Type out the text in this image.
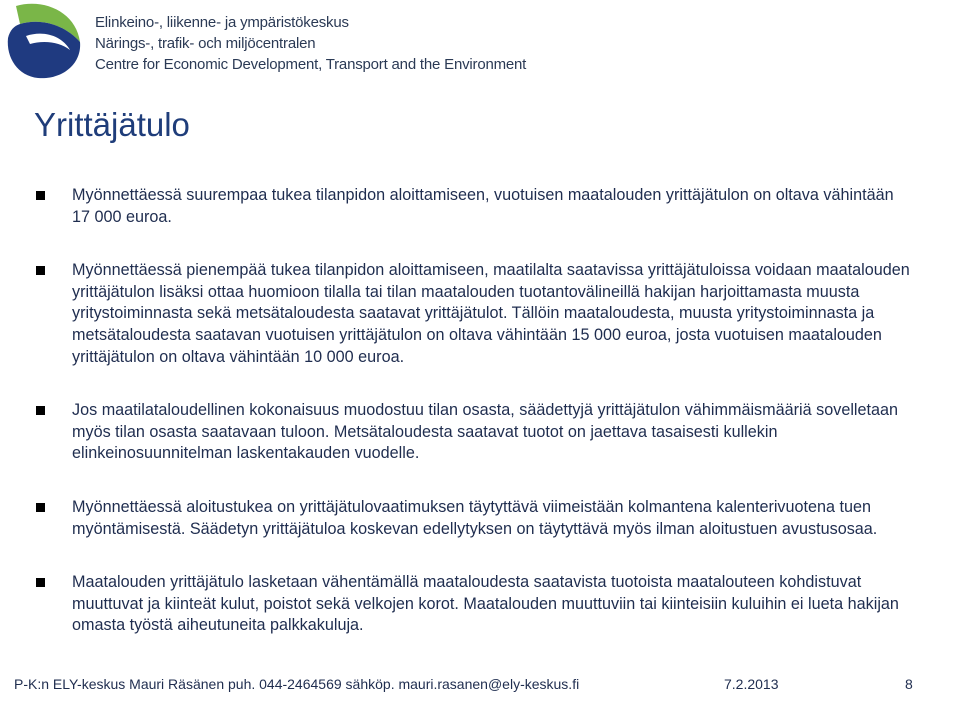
Elinkeino-, liikenne- ja ympäristökeskus
Närings-, trafik- och miljöcentralen
Centre for Economic Development, Transport and the Environment
Yrittäjätulo
Myönnettäessä suurempaa tukea tilanpidon aloittamiseen, vuotuisen maatalouden yrittäjätulon on oltava vähintään 17 000 euroa.
Myönnettäessä pienempää tukea tilanpidon aloittamiseen, maatilalta saatavissa yrittäjätuloissa voidaan maatalouden yrittäjätulon lisäksi ottaa huomioon tilalla tai tilan maatalouden tuotantovälineillä hakijan harjoittamasta muusta yritystoiminnasta sekä metsätaloudesta saatavat yrittäjätulot. Tällöin maataloudesta, muusta yritystoiminnasta ja metsätaloudesta saatavan vuotuisen yrittäjätulon on oltava vähintään 15 000 euroa, josta vuotuisen maatalouden yrittäjätulon on oltava vähintään 10 000 euroa.
Jos maatilataloudellinen kokonaisuus muodostuu tilan osasta, säädettyjä yrittäjätulon vähimmäismääriä sovelletaan myös tilan osasta saatavaan tuloon. Metsätaloudesta saatavat tuotot on jaettava tasaisesti kullekin elinkeinosuunnitelman laskentakauden vuodelle.
Myönnettäessä aloitustukea on yrittäjätulovaatimuksen täytyttävä viimeistään kolmantena kalenterivuotena tuen myöntämisestä. Säädetyn yrittäjätuloa koskevan edellytyksen on täytyttävä myös ilman aloitustuen avustusosaa.
Maatalouden yrittäjätulo lasketaan vähentämällä maataloudesta saatavista tuotoista maatalouteen kohdistuvat muuttuvat ja kiinteät kulut, poistot sekä velkojen korot. Maatalouden muuttuviin tai kiinteisiin kuluihin ei lueta hakijan omasta työstä aiheutuneita palkkakuluja.
P-K:n ELY-keskus Mauri Räsänen puh. 044-2464569 sähköp. mauri.rasanen@ely-keskus.fi	7.2.2013	8
